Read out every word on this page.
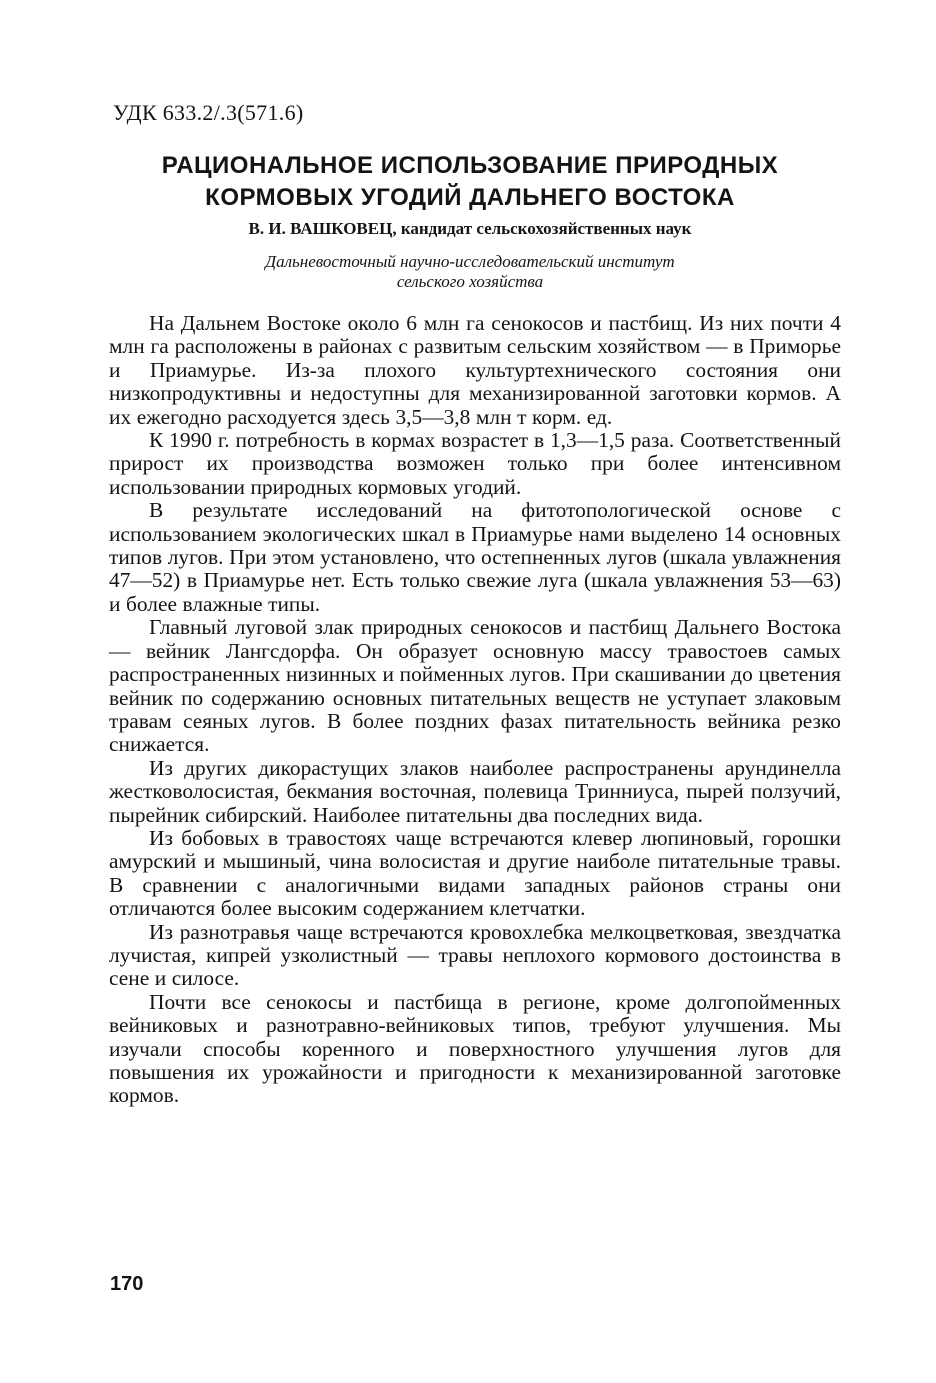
УДК 633.2/.3(571.6)
РАЦИОНАЛЬНОЕ ИСПОЛЬЗОВАНИЕ ПРИРОДНЫХ
КОРМОВЫХ УГОДИЙ ДАЛЬНЕГО ВОСТОКА
В. И. ВАШКОВЕЦ, кандидат сельскохозяйственных наук
Дальневосточный научно-исследовательский институт
сельского хозяйства

На Дальнем Востоке около 6 млн га сенокосов и пастбищ. Из них почти 4 млн га расположены в районах с развитым сельским хозяйством — в Приморье и Приамурье. Из-за плохого культуртехнического состояния они низкопродуктивны и недоступны для механизированной заготовки кормов. А их ежегодно расходуется здесь 3,5—3,8 млн т корм. ед.

К 1990 г. потребность в кормах возрастет в 1,3—1,5 раза. Соответственный прирост их производства возможен только при более интенсивном использовании природных кормовых угодий.

В результате исследований на фитотопологической основе с использованием экологических шкал в Приамурье нами выделено 14 основных типов лугов. При этом установлено, что остепненных лугов (шкала увлажнения 47—52) в Приамурье нет. Есть только свежие луга (шкала увлажнения 53—63) и более влажные типы.

Главный луговой злак природных сенокосов и пастбищ Дальнего Востока — вейник Лангсдорфа. Он образует основную массу травостоев самых распространенных низинных и пойменных лугов. При скашивании до цветения вейник по содержанию основных питательных веществ не уступает злаковым травам сеяных лугов. В более поздних фазах питательность вейника резко снижается.

Из других дикорастущих злаков наиболее распространены арундинелла жестковолосистая, бекмания восточная, полевица Тринниуса, пырей ползучий, пырейник сибирский. Наиболее питательны два последних вида.

Из бобовых в травостоях чаще встречаются клевер люпиновый, горошки амурский и мышиный, чина волосистая и другие наиболе питательные травы. В сравнении с аналогичными видами западных районов страны они отличаются более высоким содержанием клетчатки.

Из разнотравья чаще встречаются кровохлебка мелкоцветковая, звездчатка лучистая, кипрей узколистный — травы неплохого кормового достоинства в сене и силосе.

Почти все сенокосы и пастбища в регионе, кроме долгопойменных вейниковых и разнотравно-вейниковых типов, требуют улучшения. Мы изучали способы коренного и поверхностного улучшения лугов для повышения их урожайности и пригодности к механизированной заготовке кормов.

170
